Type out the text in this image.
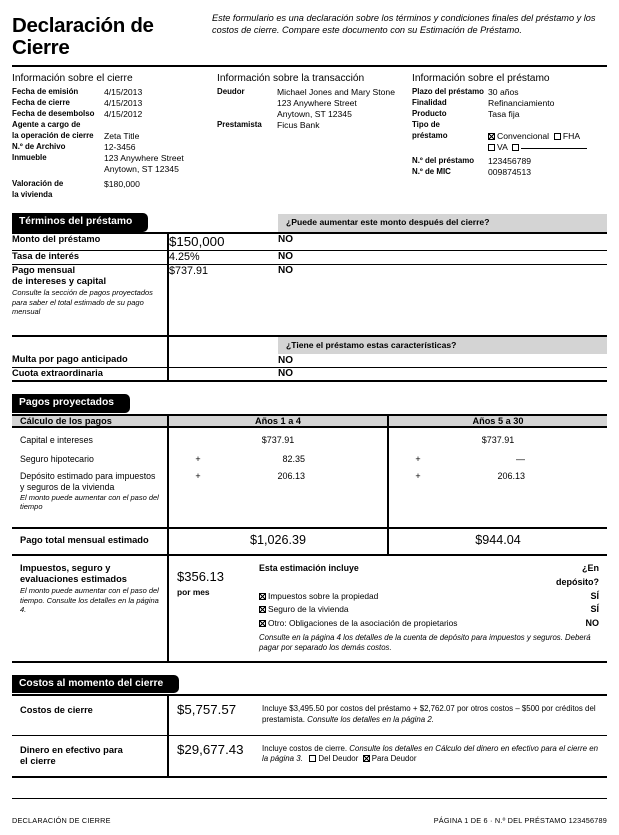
Declaración de Cierre
Este formulario es una declaración sobre los términos y condiciones finales del préstamo y los costos de cierre. Compare este documento con su Estimación de Préstamo.
Información sobre el cierre
Fecha de emisión	4/15/2013
Fecha de cierre	4/15/2013
Fecha de desembolso	4/15/2012
Agente a cargo de
la operación de cierre	Zeta Title
N.º de Archivo	12-3456
Inmueble	123 Anywhere Street
Anytown, ST 12345
Valoración de	$180,000
la vivienda
Información sobre la transacción
Deudor	Michael Jones and Mary Stone
123 Anywhere Street
Anytown, ST 12345
Prestamista	Ficus Bank
Información sobre el préstamo
Plazo del préstamo 30 años
Finalidad	Refinanciamiento
Producto	Tasa fija
Tipo de
préstamo	Convencional FHA
VA
N.º del préstamo	123456789
N.º de MIC	009874513
Términos del préstamo		¿Puede aumentar este monto después del cierre?

Monto del préstamo	$150,000	NO

Tasa de interés	4.25%	NO

Pago mensual
de intereses y capital
Consulte la sección de pagos proyectados para saber el total estimado de su pago mensual	$737.91	NO

		¿Tiene el préstamo estas características?

Multa por pago anticipado		NO

Cuota extraordinaria		NO

Pagos proyectados		
Cálculo de los pagos	Años 1 a 4	Años 5 a 30

Capital e intereses	$737.91	$737.91

Seguro hipotecario	+ 82.35	+ —

Depósito estimado para impuestos
y seguros de la vivienda
El monto puede aumentar con el paso del tiempo	+ 206.13	+ 206.13

Pago total mensual estimado	$1,026.39	$944.04

Impuestos, seguro y
evaluaciones estimados
El monto puede aumentar con el paso del tiempo. Consulte los detalles en la página 4.

$356.13
por mes
Esta estimación incluye	¿En depósito?
Impuestos sobre la propiedad	SÍ
Seguro de la vivienda	SÍ
Otro: Obligaciones de la asociación de propietarios	NO
Consulte en la página 4 los detalles de la cuenta de depósito para impuestos y seguros. Deberá pagar por separado los demás costos.

Costos al momento del cierre		

Costos de cierre	$5,757.57	Incluye $3,495.50 por costos del préstamo + $2,762.07 por otros costos – $500 por créditos del prestamista. Consulte los detalles en la página 2.

Dinero en efectivo para
el cierre	$29,677.43	Incluye costos de cierre. Consulte los detalles en Cálculo del dinero en efectivo para el cierre en la página 3. Del Deudor Para Deudor

DECLARACIÓN DE CIERRE	PÁGINA 1 DE 6 · N.º DEL PRÉSTAMO 123456789
